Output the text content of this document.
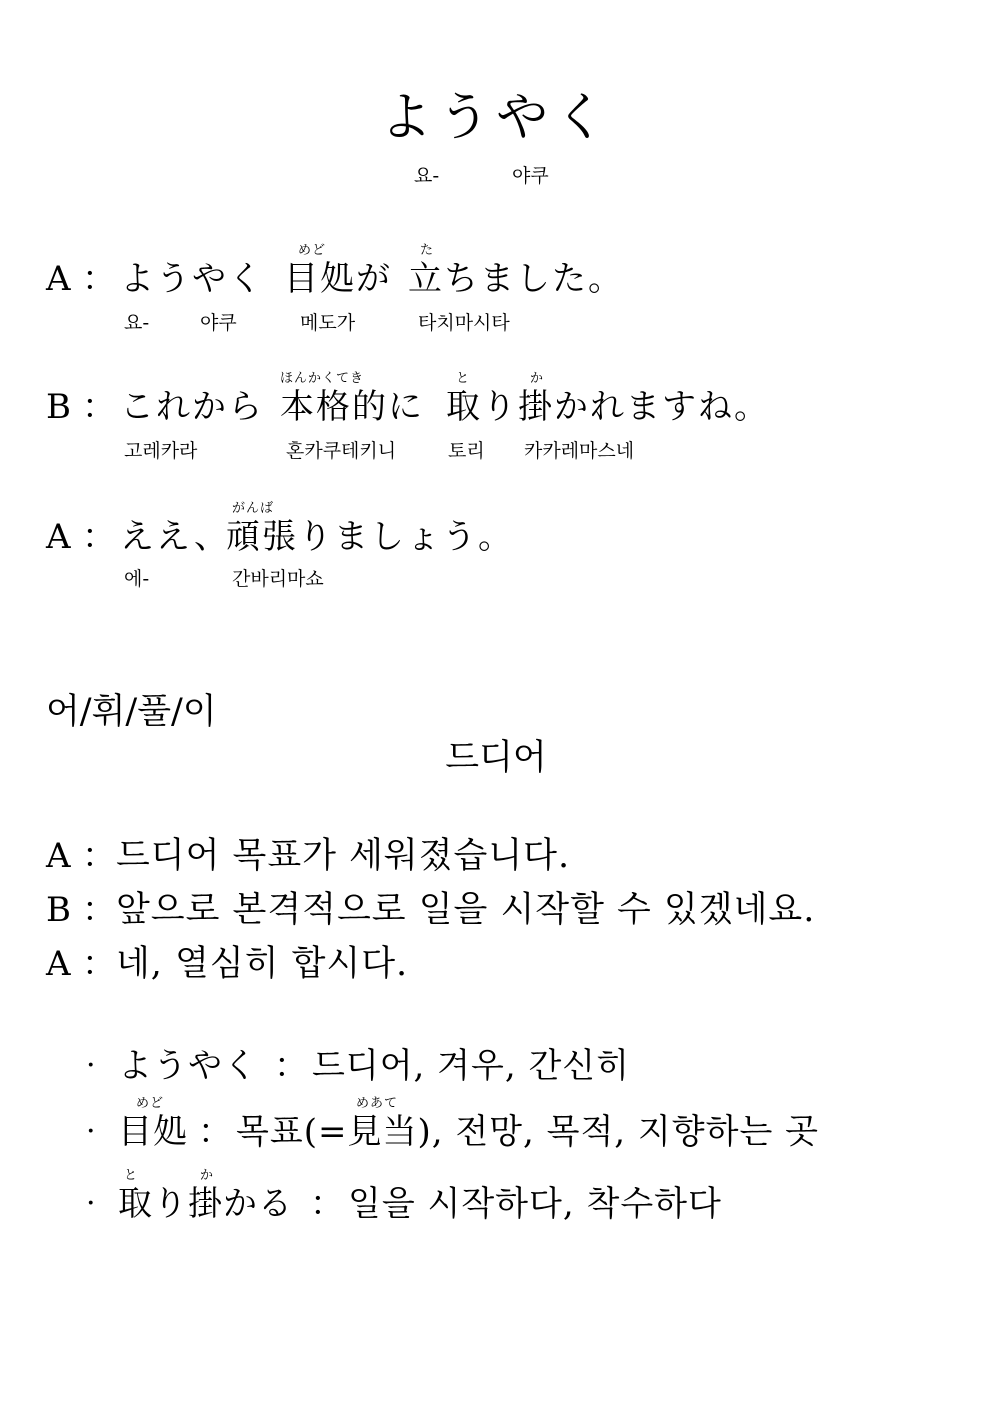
ようやく
요-	야쿠
めど	た
A ： ようやく 目処が 立ちました。
요-	야쿠	메도가	타치마시타
ほんかくてき	と	か
B ： これから 本格的に 取り掛かれますね。
고레카라	혼카쿠테키니	토리 카카레마스네
がんば
A ： ええ、
頑張りましょう。
에-	간바리마쇼
어/휘/풀/이
드디어
A ： 드디어 목표가 세워졌습니다.
B ： 앞으로 본격적으로 일을 시작할 수 있겠네요.
A ： 네, 열심히 합시다.
· ようやく ： 드디어, 겨우, 간신히
めど	めあて
· 目処 ： 목표(=見当), 전망, 목적, 지향하는 곳
と	か
· 取り掛かる ： 일을 시작하다, 착수하다
